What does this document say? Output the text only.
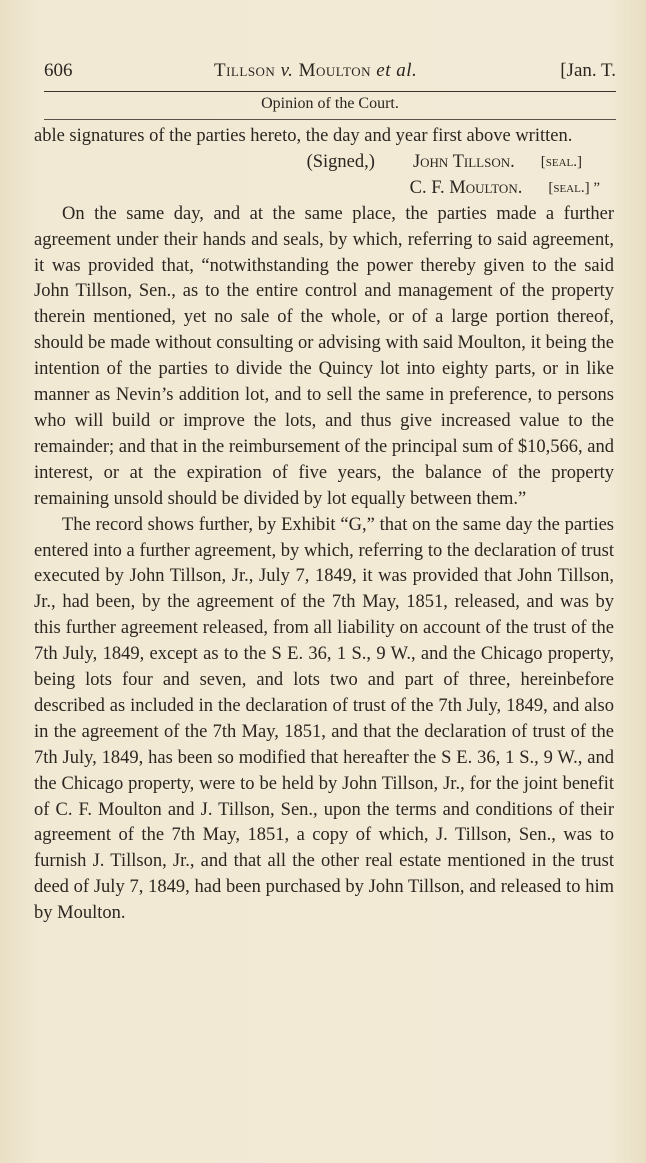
606	Tillson v. Moulton et al.	[Jan. T.
Opinion of the Court.

able signatures of the parties hereto, the day and year first above written.

(Signed,) John Tillson. [seal.]
C. F. Moulton. [seal.] ”

On the same day, and at the same place, the parties made a further agreement under their hands and seals, by which, referring to said agreement, it was provided that, “notwithstanding the power thereby given to the said John Tillson, Sen., as to the entire control and management of the property therein mentioned, yet no sale of the whole, or of a large portion thereof, should be made without consulting or advising with said Moulton, it being the intention of the parties to divide the Quincy lot into eighty parts, or in like manner as Nevin’s addition lot, and to sell the same in preference, to persons who will build or improve the lots, and thus give increased value to the remainder; and that in the reimbursement of the principal sum of $10,566, and interest, or at the expiration of five years, the balance of the property remaining unsold should be divided by lot equally between them.”

The record shows further, by Exhibit “G,” that on the same day the parties entered into a further agreement, by which, referring to the declaration of trust executed by John Tillson, Jr., July 7, 1849, it was provided that John Tillson, Jr., had been, by the agreement of the 7th May, 1851, released, and was by this further agreement released, from all liability on account of the trust of the 7th July, 1849, except as to the S E. 36, 1 S., 9 W., and the Chicago property, being lots four and seven, and lots two and part of three, hereinbefore described as included in the declaration of trust of the 7th July, 1849, and also in the agreement of the 7th May, 1851, and that the declaration of trust of the 7th July, 1849, has been so modified that hereafter the S E. 36, 1 S., 9 W., and the Chicago property, were to be held by John Tillson, Jr., for the joint benefit of C. F. Moulton and J. Tillson, Sen., upon the terms and conditions of their agreement of the 7th May, 1851, a copy of which, J. Tillson, Sen., was to furnish J. Tillson, Jr., and that all the other real estate mentioned in the trust deed of July 7, 1849, had been purchased by John Tillson, and released to him by Moulton.
